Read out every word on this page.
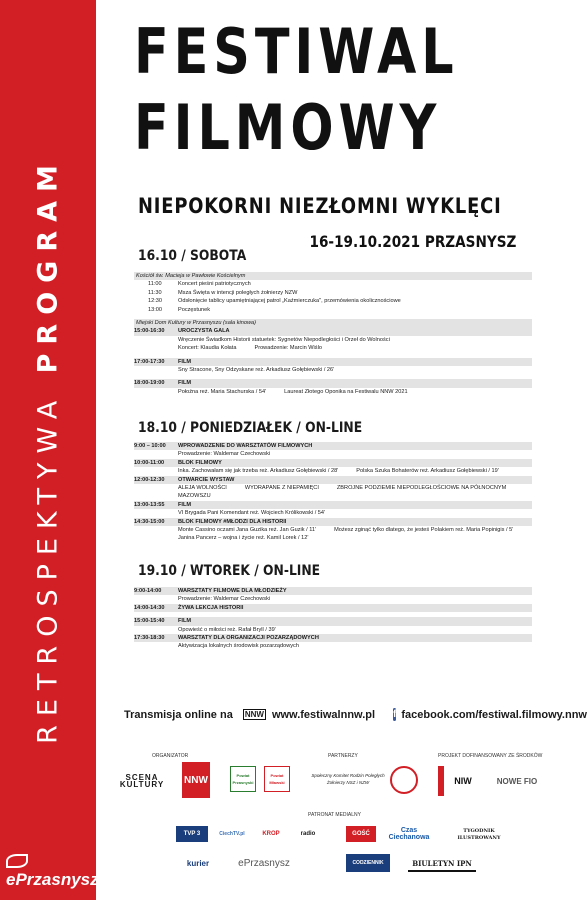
RETROSPEKTYWA PROGRAM
ePrzasnysz
FESTIWAL
FILMOWY
NIEPOKORNI NIEZŁOMNI WYKLĘCI
16-19.10.2021 PRZASNYSZ
16.10 / SOBOTA
Kościół św. Macieja w Pawłowie Kościelnym
11:00	Koncert pieśni patriotycznych
11:30	Msza Święta w intencji poległych żołnierzy NZW
12:30	Odsłonięcie tablicy upamiętniającej patrol „Kaźmierczuka", przemówienia okolicznościowe
13:00	Poczęstunek
Miejski Dom Kultury w Przasnyszu (sala kinowa)
15:00-16:30	UROCZYSTA GALA
Wręczenie Świadkom Historii statuetek: Sygnetów Niepodległości i Orzeł do Wolności
Koncert: Klaudia Kołata	Prowadzenie: Marcin Wiślo
17:00-17:30	FILM
Sny Stracone, Sny Odzyskane reż. Arkadiusz Gołębiewski / 26'
18:00-19:00	FILM
Połoźna reż. Maria Stachurska / 54'	Laureat Złotego Oponika na Festiwalu NNW 2021
18.10 / PONIEDZIAŁEK / ON-LINE
9:00 – 10:00	WPROWADZENIE DO WARSZTATÓW FILMOWYCH
Prowadzenie: Waldemar Czechowski
10:00-11:00	BLOK FILMOWY
Inka. Zachowałam się jak trzeba reż. Arkadiusz Gołębiewski / 28'	Polska Szuka Bohaterów reż. Arkadiusz Gołębiewski / 19'
12:00-12:30	OTWARCIE WYSTAW
ALEJA WOLNOŚCI	WYDRAPANE Z NIEPAMIĘCI	ZBROJNE PODZIEMIE NIEPODLEGŁOŚCIOWE NA PÓŁNOCNYM MAZOWSZU
13:00-13:55	FILM
VI Brygada Pani Komendant reż. Wojciech Królikowski / 54'
14:30-15:00	BLOK FILMOWY #MŁODZI DLA HISTORII
Monte Cassino oczami Jana Guzika reż. Jan Guzik / 11'	Możesz zginąć tylko dlatego, że jesteś Polakiem reż. Maria Popinigis / 5'
Janina Pancerz – wojna i życie reż. Kamil Lorek / 12'
19.10 / WTOREK / ON-LINE
9:00-14:00	WARSZTATY FILMOWE DLA MŁODZIEŻY
Prowadzenie: Waldemar Czechowski
14:00-14:30	ŻYWA LEKCJA HISTORII
15:00-15:40	FILM
Opowieść o miłości reż. Rafał Bryll / 39'
17:30-18:30	WARSZTATY DLA ORGANIZACJI POZARZĄDOWYCH
Aktywizacja lokalnych środowisk pozarządowych
Transmisja online na NNW www.festiwalnnw.pl f facebook.com/festiwal.filmowy.nnw
ORGANIZATOR	PARTNERZY	PROJEKT DOFINANSOWANY ZE ŚRODKÓW
SCENA KULTURY	NNW	Powiat Przasnyski
Powiat Mławski
Społeczny Komitet Rodzin Poległych Żołnierzy NSZ i NZW	NIW	NOWE FIO
PATRONAT MEDIALNY
TVP 3	CiechTV.pl	KROP	radio	GOŚĆ	Czas Ciechanowa
TYGODNIK ILUSTROWANY
kurier	ePrzasnysz	CODZIENNIK	BIULETYN IPN
